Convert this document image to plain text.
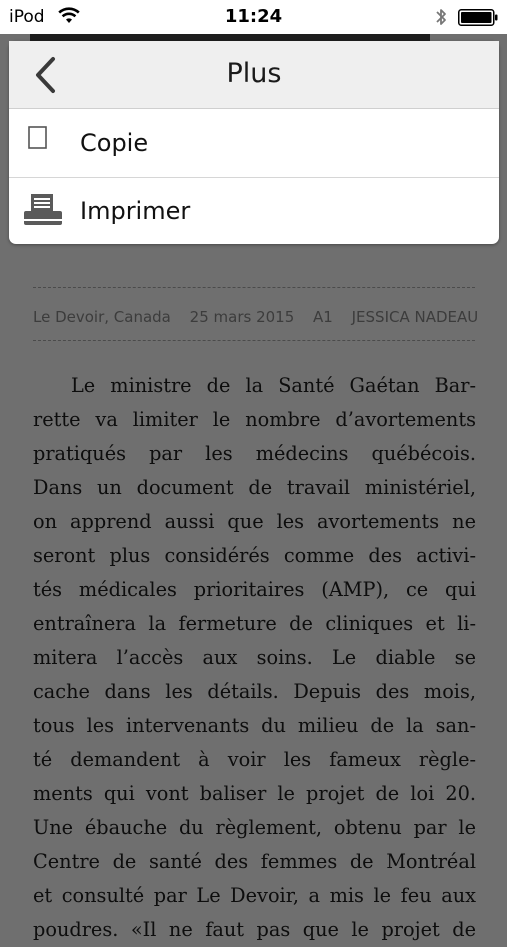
iPod	11:24
Le Devoir, Canada 25 mars 2015 A1 JESSICA NADEAU
Le ministre de la Santé Gaétan Bar-
rette va limiter le nombre d’avortements
pratiqués par les médecins québécois.
Dans un document de travail ministériel,
on apprend aussi que les avortements ne
seront plus considérés comme des activi-
tés médicales prioritaires (AMP), ce qui
entraînera la fermeture de cliniques et li-
mitera l’accès aux soins. Le diable se
cache dans les détails. Depuis des mois,
tous les intervenants du milieu de la san-
té demandent à voir les fameux règle-
ments qui vont baliser le projet de loi 20.
Une ébauche du règlement, obtenu par le
Centre de santé des femmes de Montréal
et consulté par Le Devoir, a mis le feu aux
poudres. «Il ne faut pas que le projet de
Plus
Copie
Imprimer
